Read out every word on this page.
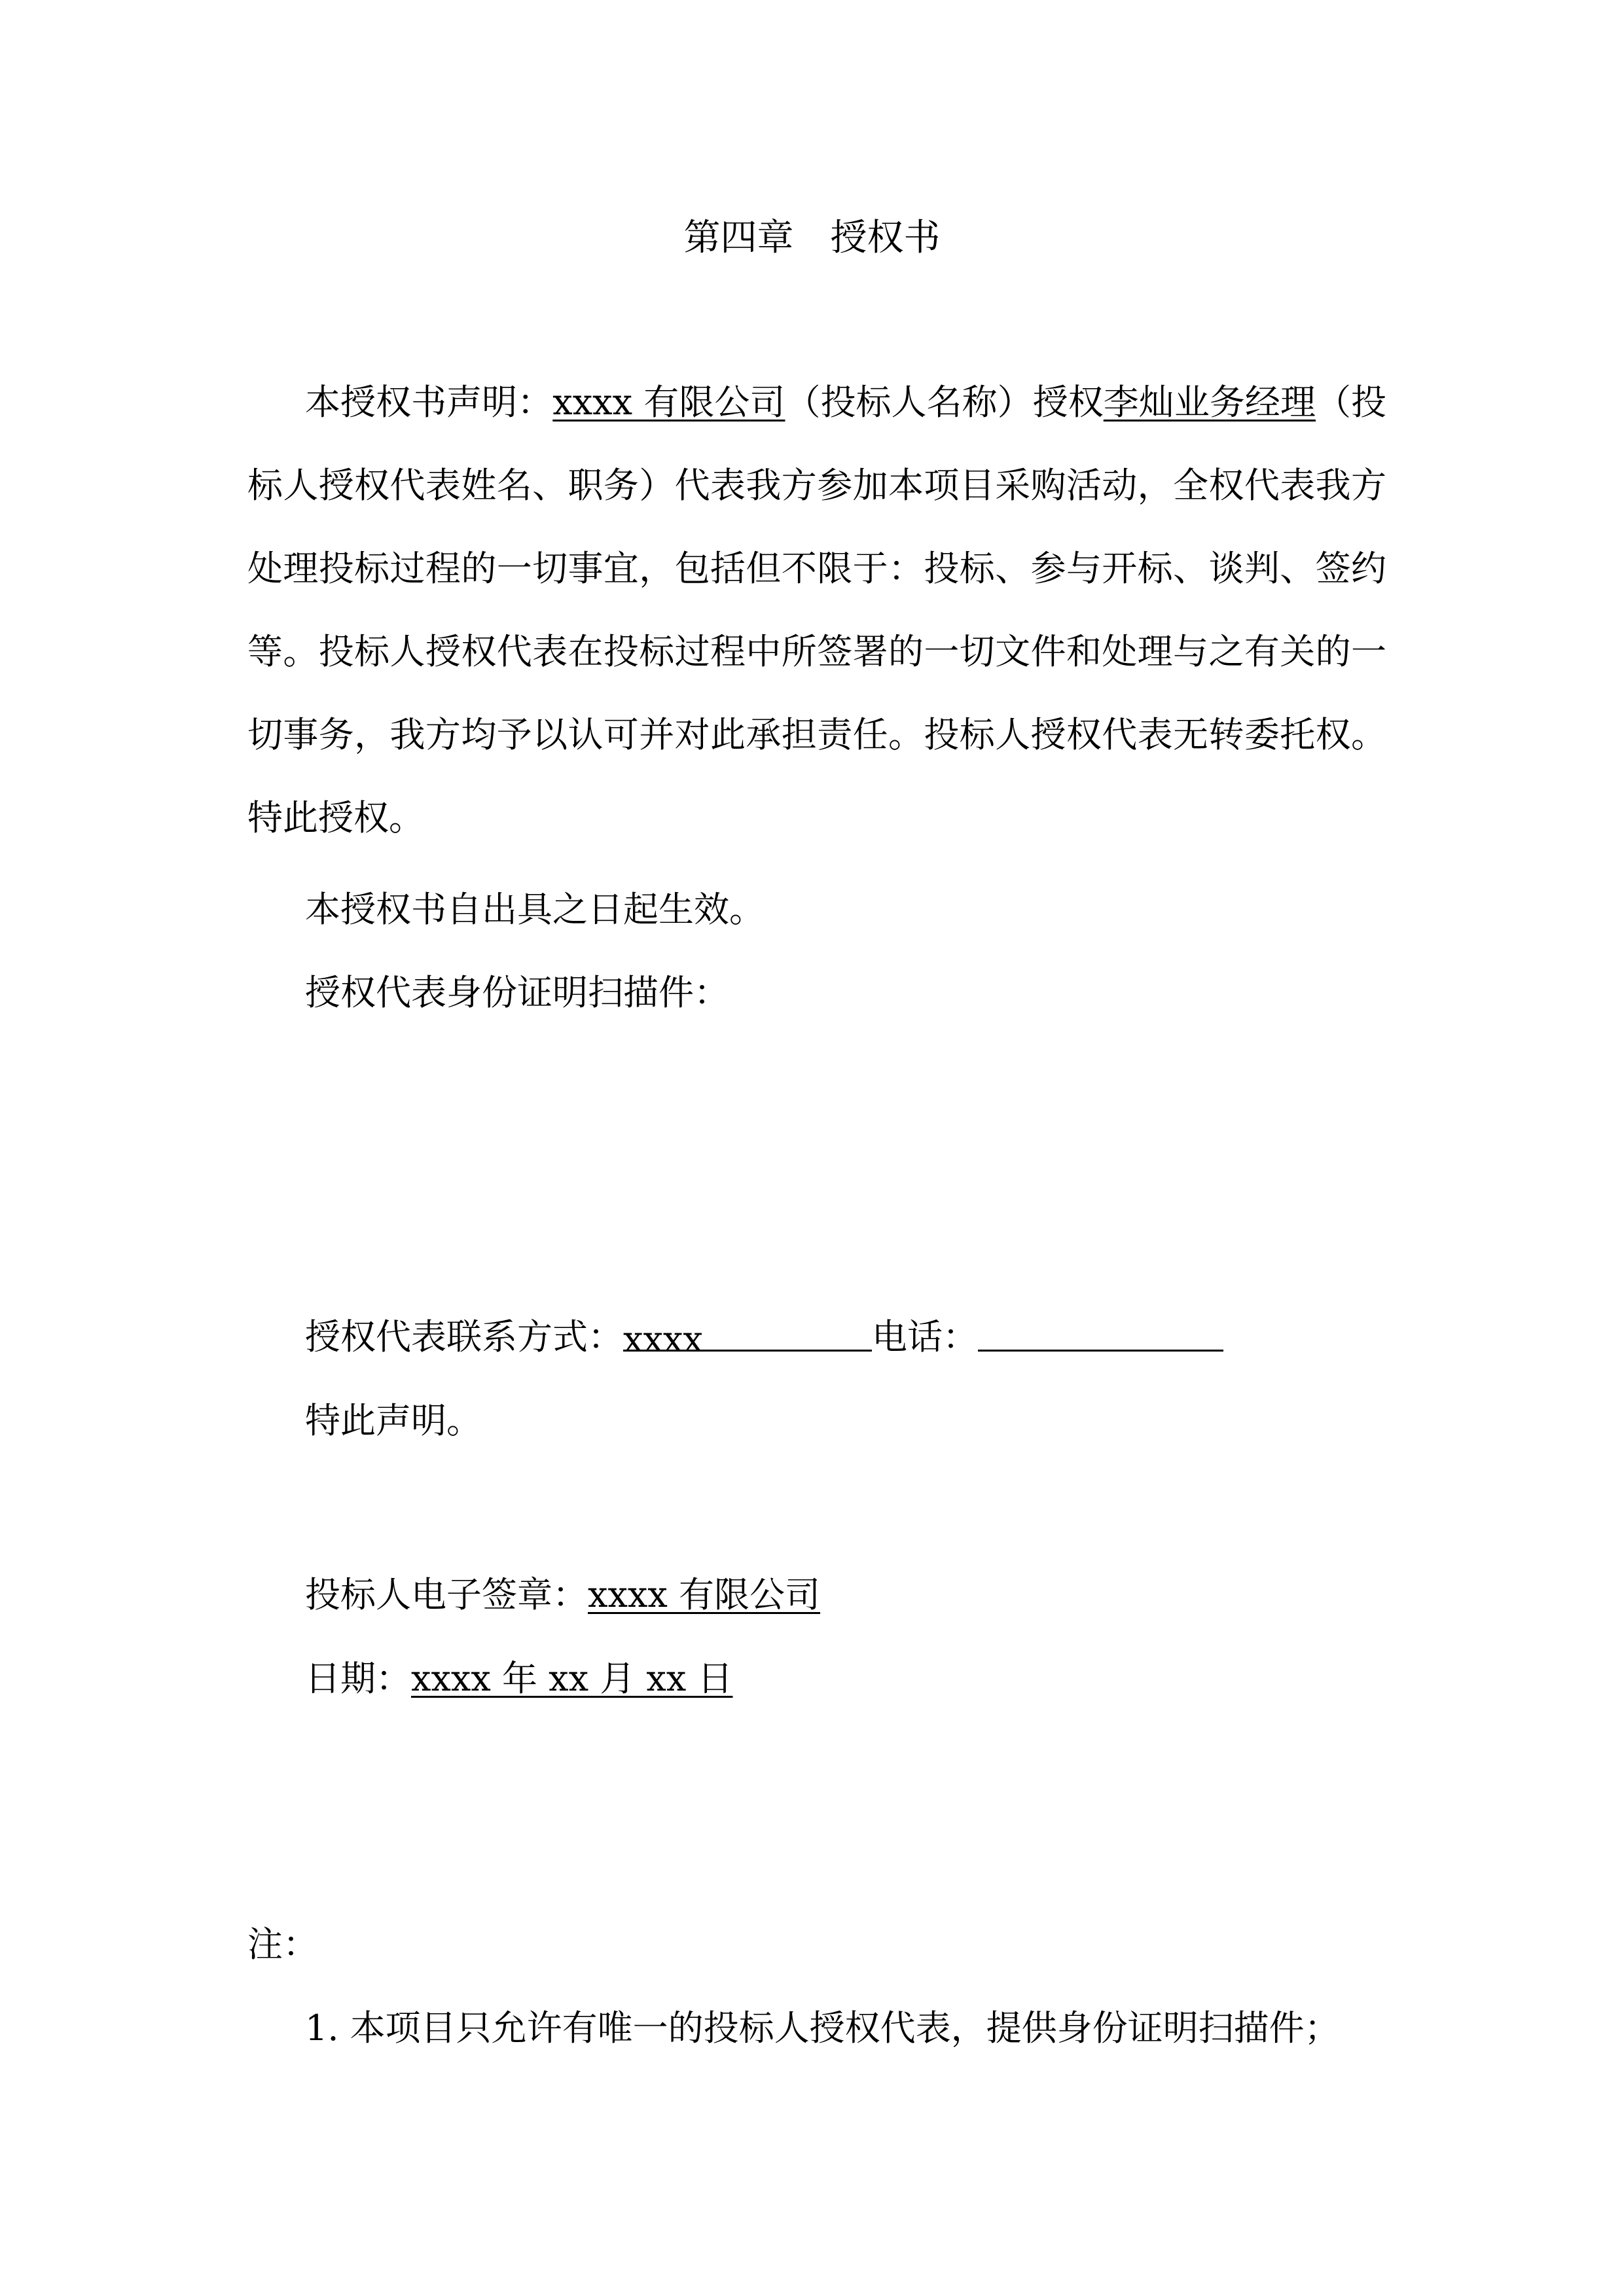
第四章　授权书

本授权书声明：xxxx 有限公司（投标人名称）授权李灿业务经理（投标人授权代表姓名、职务）代表我方参加本项目采购活动，全权代表我方处理投标过程的一切事宜，包括但不限于：投标、参与开标、谈判、签约等。投标人授权代表在投标过程中所签署的一切文件和处理与之有关的一切事务，我方均予以认可并对此承担责任。投标人授权代表无转委托权。特此授权。

本授权书自出具之日起生效。
授权代表身份证明扫描件：
授权代表联系方式：xxxx	电话：
特此声明。
投标人电子签章：xxxx 有限公司
日期：xxxx 年 xx 月 xx 日
注：
1. 本项目只允许有唯一的投标人授权代表，提供身份证明扫描件；
